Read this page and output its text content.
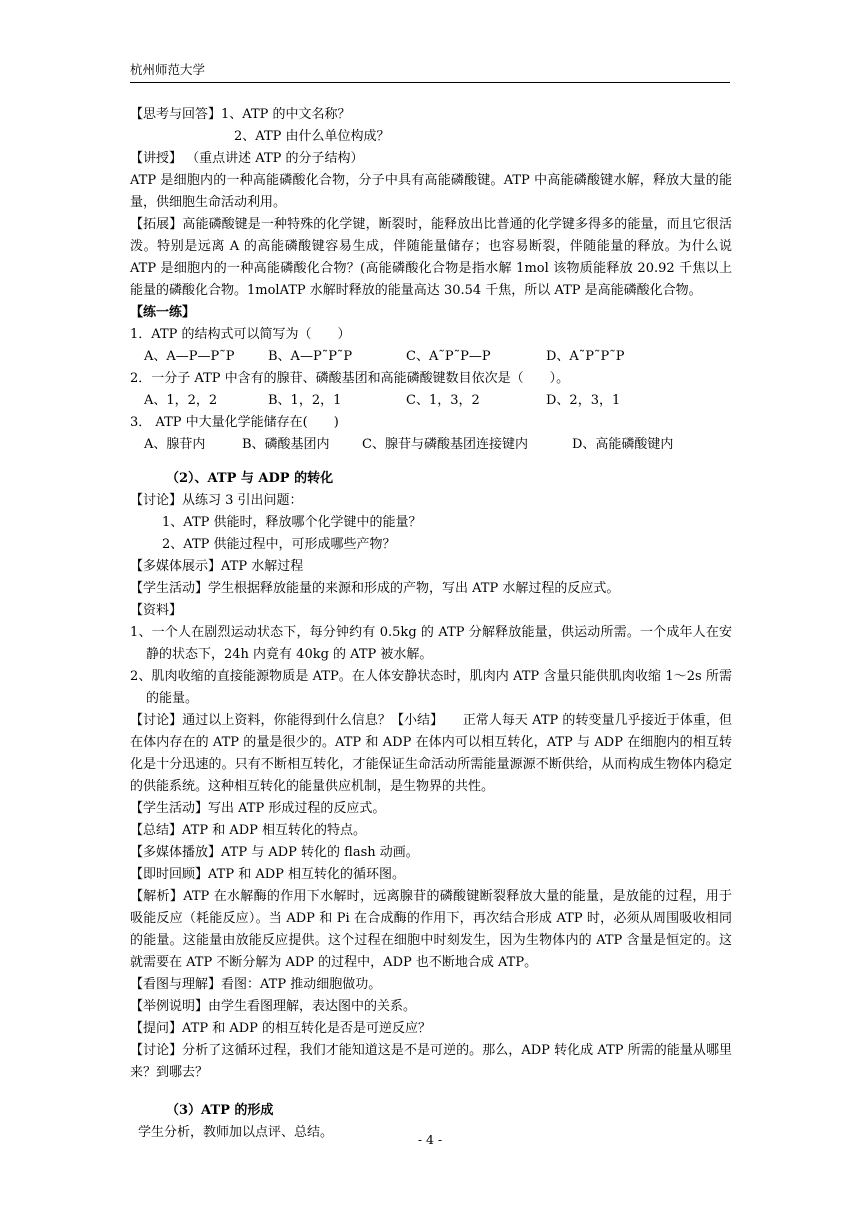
杭州师范大学
【思考与回答】1、ATP 的中文名称？
2、ATP 由什么单位构成？
【讲授】 （重点讲述 ATP 的分子结构）
ATP 是细胞内的一种高能磷酸化合物，分子中具有高能磷酸键。ATP 中高能磷酸键水解，释放大量的能量，供细胞生命活动利用。
【拓展】高能磷酸键是一种特殊的化学键，断裂时，能释放出比普通的化学键多得多的能量，而且它很活泼。特别是远离 A 的高能磷酸键容易生成，伴随能量储存；也容易断裂，伴随能量的释放。为什么说 ATP 是细胞内的一种高能磷酸化合物？(高能磷酸化合物是指水解 1mol 该物质能释放 20.92 千焦以上能量的磷酸化合物。1molATP 水解时释放的能量高达 30.54 千焦，所以 ATP 是高能磷酸化合物。
【练一练】
1．ATP 的结构式可以简写为（　　）
A、A—P—P˜P	B、A—P˜P˜P	C、A˜P˜P—P	D、A˜P˜P˜P
2．一分子 ATP 中含有的腺苷、磷酸基团和高能磷酸键数目依次是（　　）。
A、1，2，2	B、1，2，1	C、1，3，2	D、2，3，1
3． ATP 中大量化学能储存在(　　)
A、腺苷内	B、磷酸基团内 C、腺苷与磷酸基团连接键内	D、高能磷酸键内
（2）、ATP 与 ADP 的转化
【讨论】从练习 3 引出问题：
1、ATP 供能时，释放哪个化学键中的能量？
2、ATP 供能过程中，可形成哪些产物？
【多媒体展示】ATP 水解过程
【学生活动】学生根据释放能量的来源和形成的产物，写出 ATP 水解过程的反应式。
【资料】
1、一个人在剧烈运动状态下，每分钟约有 0.5kg 的 ATP 分解释放能量，供运动所需。一个成年人在安静的状态下，24h 内竟有 40kg 的 ATP 被水解。
2、肌肉收缩的直接能源物质是 ATP。在人体安静状态时，肌肉内 ATP 含量只能供肌肉收缩 1～2s 所需的能量。
【讨论】通过以上资料，你能得到什么信息？【小结】　　正常人每天 ATP 的转变量几乎接近于体重，但在体内存在的 ATP 的量是很少的。ATP 和 ADP 在体内可以相互转化，ATP 与 ADP 在细胞内的相互转化是十分迅速的。只有不断相互转化，才能保证生命活动所需能量源源不断供给，从而构成生物体内稳定的供能系统。这种相互转化的能量供应机制，是生物界的共性。
【学生活动】写出 ATP 形成过程的反应式。
【总结】ATP 和 ADP 相互转化的特点。
【多媒体播放】ATP 与 ADP 转化的 flash 动画。
【即时回顾】ATP 和 ADP 相互转化的循环图。
【解析】ATP 在水解酶的作用下水解时，远离腺苷的磷酸键断裂释放大量的能量，是放能的过程，用于吸能反应（耗能反应）。当 ADP 和 Pi 在合成酶的作用下，再次结合形成 ATP 时，必须从周围吸收相同的能量。这能量由放能反应提供。这个过程在细胞中时刻发生，因为生物体内的 ATP 含量是恒定的。这就需要在 ATP 不断分解为 ADP 的过程中，ADP 也不断地合成 ATP。
【看图与理解】看图：ATP 推动细胞做功。
【举例说明】由学生看图理解，表达图中的关系。
【提问】ATP 和 ADP 的相互转化是否是可逆反应？
【讨论】分析了这循环过程，我们才能知道这是不是可逆的。那么，ADP 转化成 ATP 所需的能量从哪里来？到哪去？
（3）ATP 的形成
学生分析，教师加以点评、总结。	- 4 -
